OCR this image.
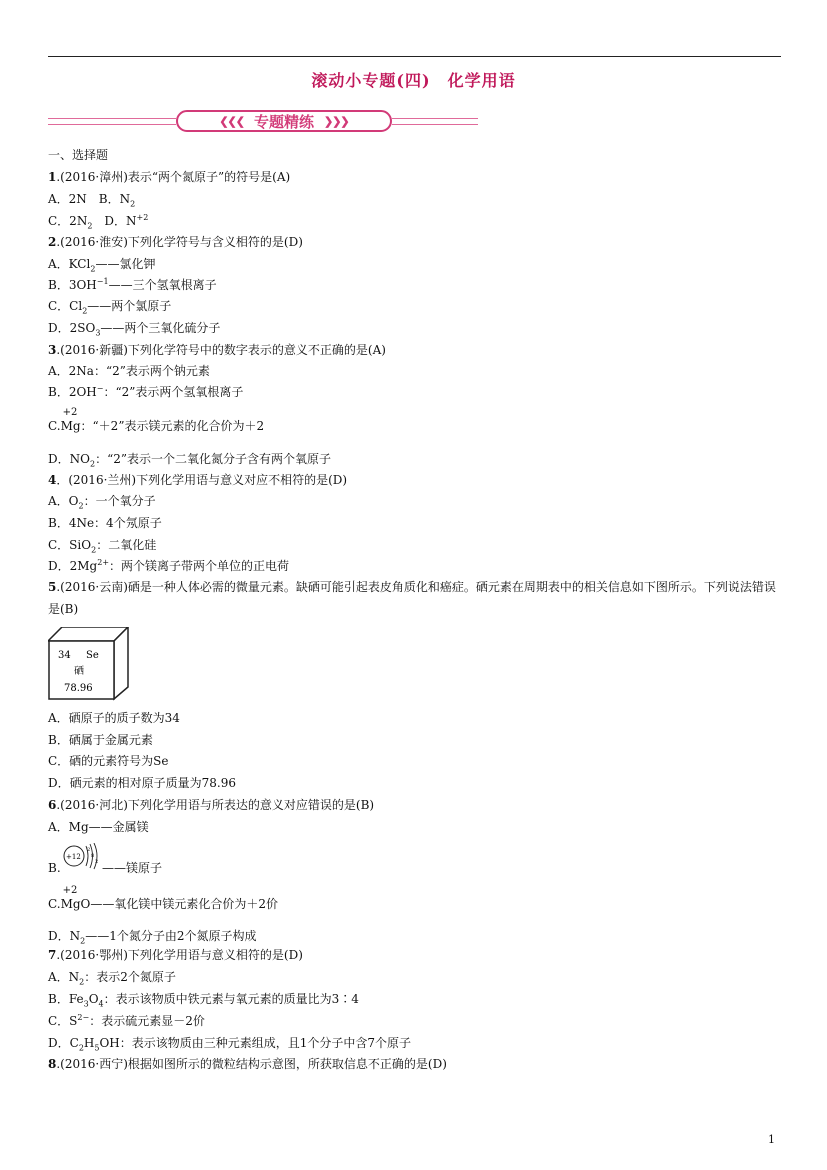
滚动小专题(四)　化学用语
❮❮❮ 专题精练 ❯❯❯
一、选择题
1.(2016·漳州)表示“两个氮原子”的符号是(A)
A．2N　B．$N_2$
C．$2N_2$　D．$N^{+2}$
2.(2016·淮安)下列化学符号与含义相符的是(D)
A．KCl$_2$——氯化钾
B．$3OH^{-1}——$三个氢氧根离子
C．$Cl_2——$两个氯原子
D．$2SO_3——$两个三氧化硫分子
3.(2016·新疆)下列化学符号中的数字表示的意义不正确的是(A)
A．2Na：“2”表示两个钠元素
B．2OH−：“2”表示两个氢氧根离子
C.
+2
Mg：“＋2”表示镁元素的化合价为＋2
D．$NO_2$：“2”表示一个二氧化氮分子含有两个氧原子
4．(2016·兰州)下列化学用语与意义对应不相符的是(D)
A．$O_2$：一个氧分子
B．4Ne：4个氖原子
C．SiO$_2$：二氧化硅
D．$2Mg^{2+}$：两个镁离子带两个单位的正电荷
5.(2016·云南)硒是一种人体必需的微量元素。缺硒可能引起表皮角质化和癌症。硒元素在周期表中的相关信息如下图所示。下列说法错误是(B)
34 Se
硒
78.96
A．硒原子的质子数为34
B．硒属于金属元素
C．硒的元素符号为Se
D．硒元素的相对原子质量为78.96
6.(2016·河北)下列化学用语与所表达的意义对应错误的是(B)
A．Mg——金属镁
B.
+12
2
8
2 ——镁原子
C.
+2
MgO——氧化镁中镁元素化合价为＋2价
D．$N_2——1$个氮分子由2个氮原子构成
7.(2016·鄂州)下列化学用语与意义相符的是(D)
A．$N_2$：表示2个氮原子
B．$Fe_3O_4$：表示该物质中铁元素与氧元素的质量比为3∶4
C．$S^{2-}$：表示硫元素显－2价
D．$C_2H_5OH$：表示该物质由三种元素组成，且1个分子中含7个原子
8.(2016·西宁)根据如图所示的微粒结构示意图，所获取信息不正确的是(D)
1
